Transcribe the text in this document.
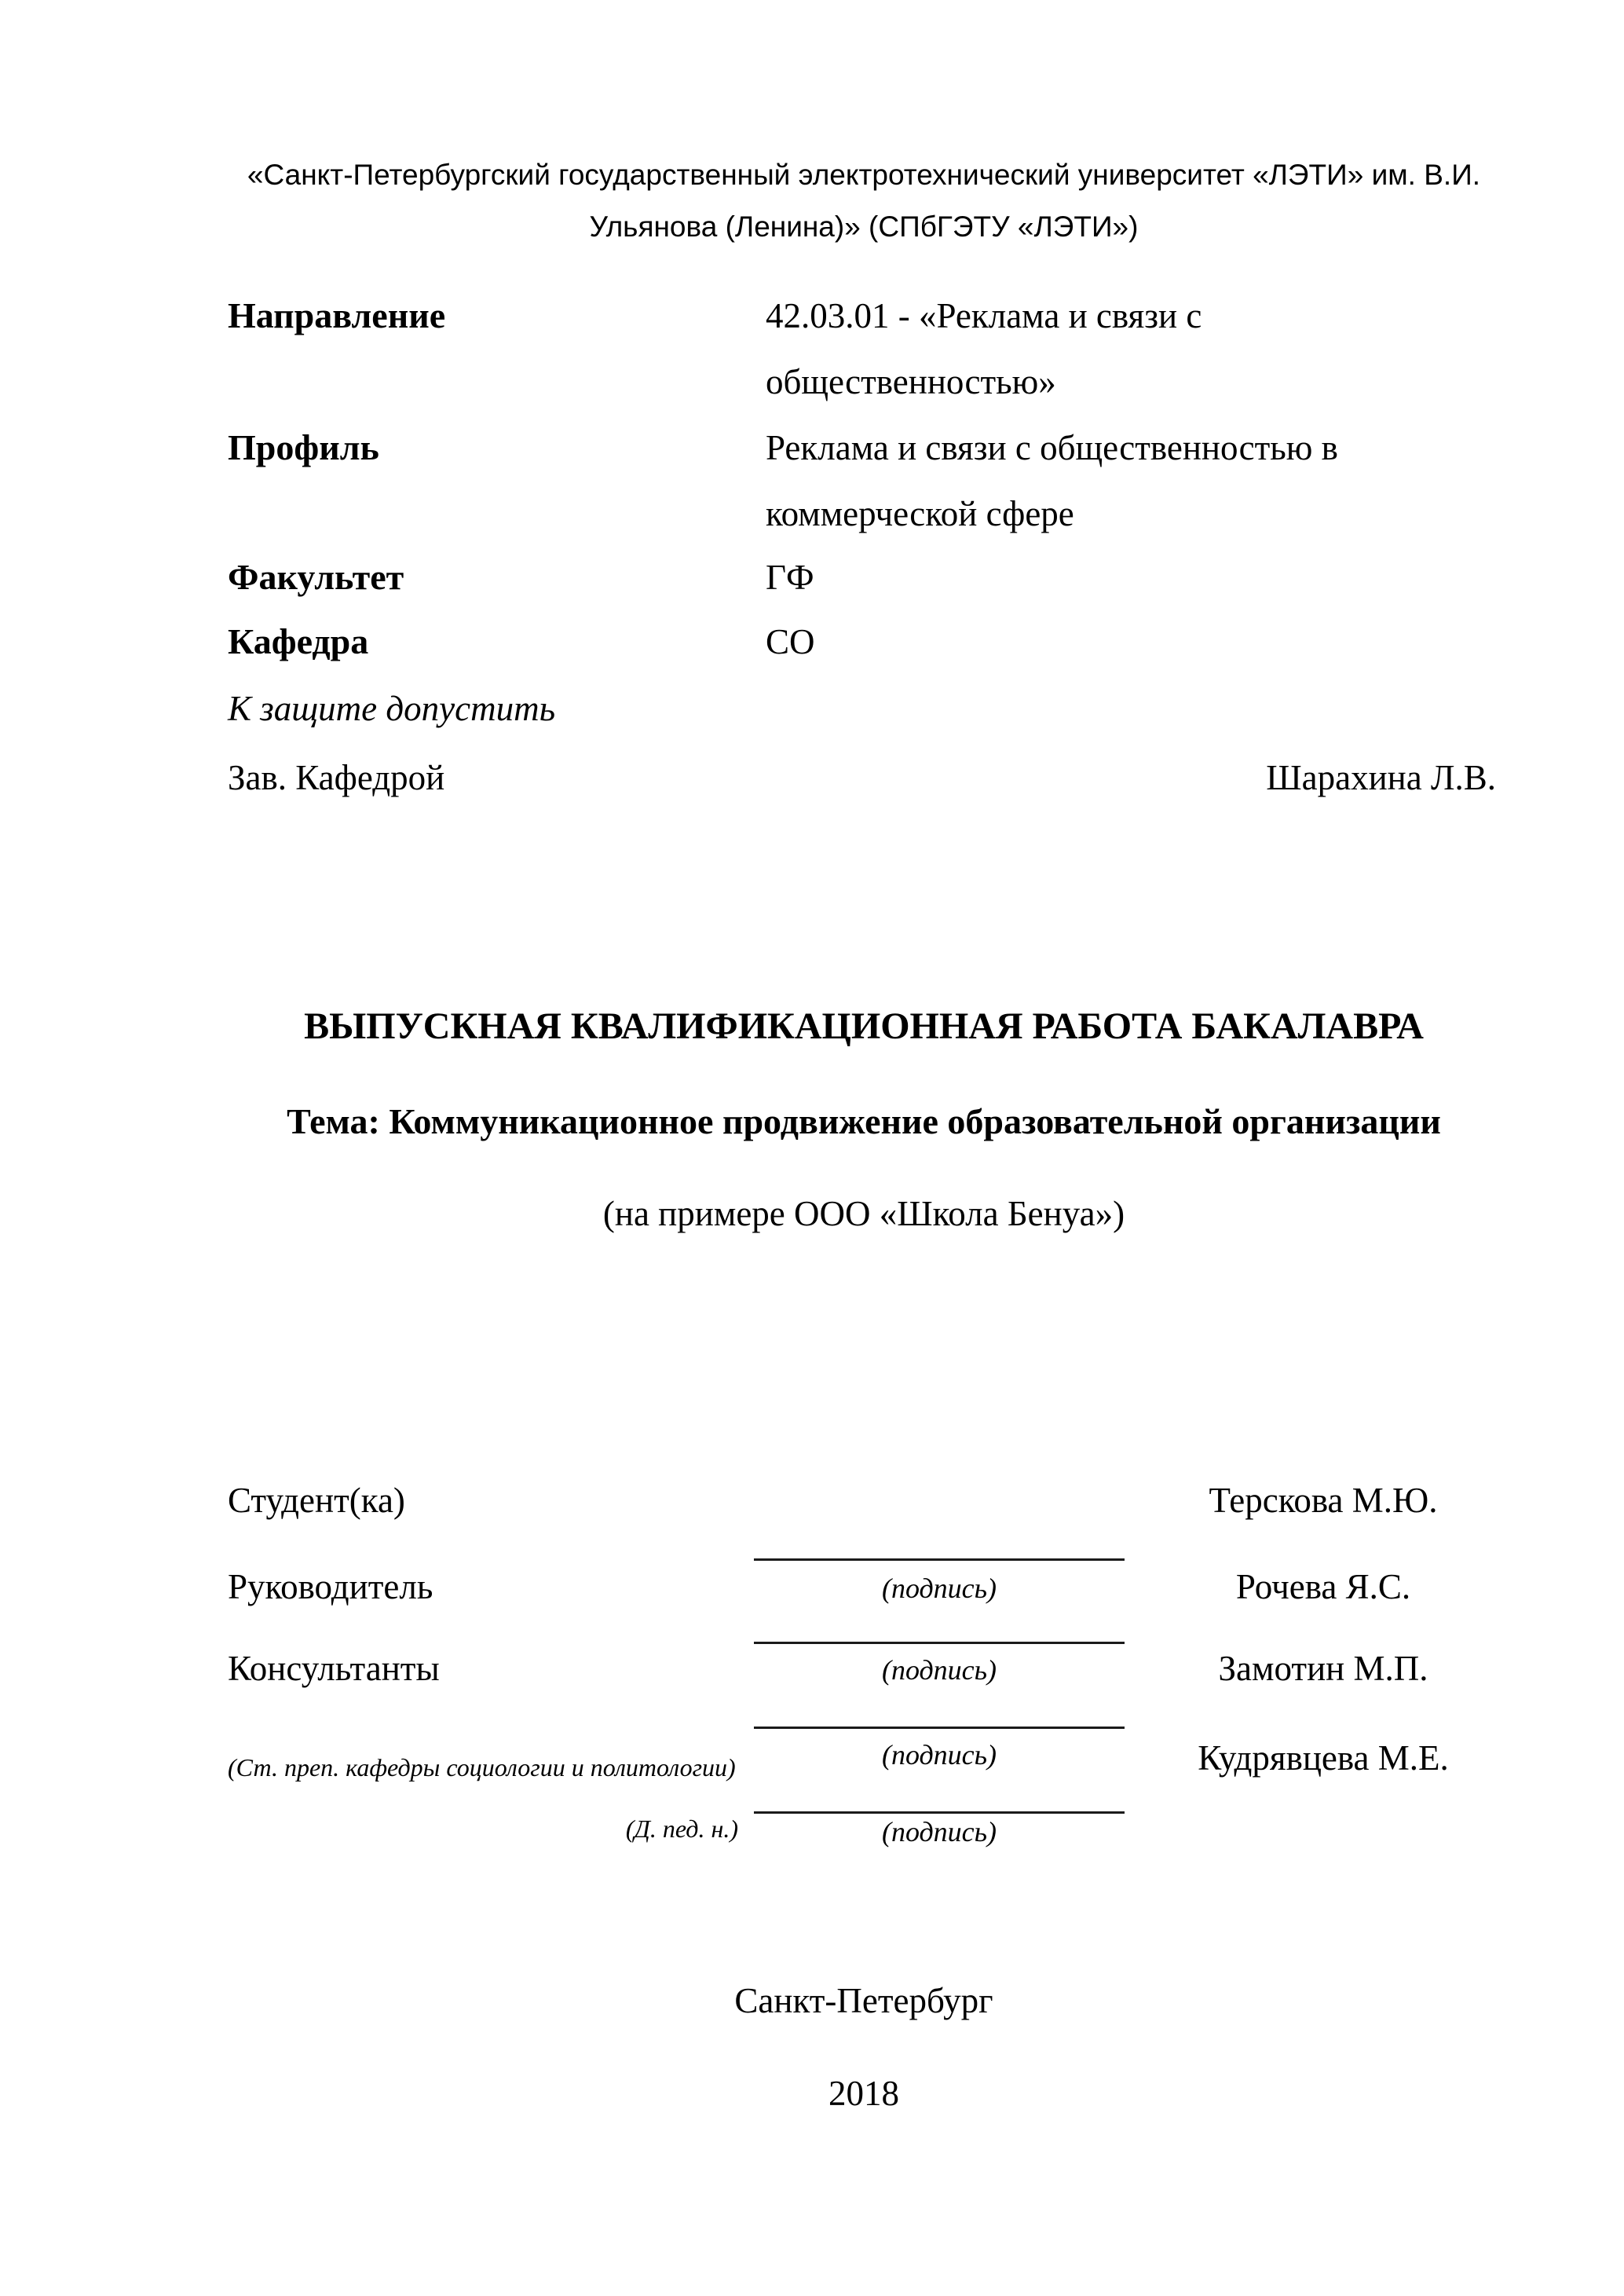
«Санкт-Петербургский государственный электротехнический университет «ЛЭТИ» им. В.И.
Ульянова (Ленина)» (СПбГЭТУ «ЛЭТИ»)
Направление	42.03.01 - «Реклама и связи с общественностью»
Профиль	Реклама и связи с общественностью в коммерческой сфере
Факультет	ГФ
Кафедра	СО
К защите допустить
Зав. Кафедрой	Шарахина Л.В.
ВЫПУСКНАЯ КВАЛИФИКАЦИОННАЯ РАБОТА БАКАЛАВРА
Тема: Коммуникационное продвижение образовательной организации
(на примере ООО «Школа Бенуа»)
Студент(ка)	Терскова М.Ю.
(подпись)
Руководитель	Рочева Я.С.
(подпись)
Консультанты	Замотин М.П.
(подпись)
(Ст. преп. кафедры социологии и политологии)	Кудрявцева М.Е.
(подпись)
(Д. пед. н.)
Санкт-Петербург
2018
